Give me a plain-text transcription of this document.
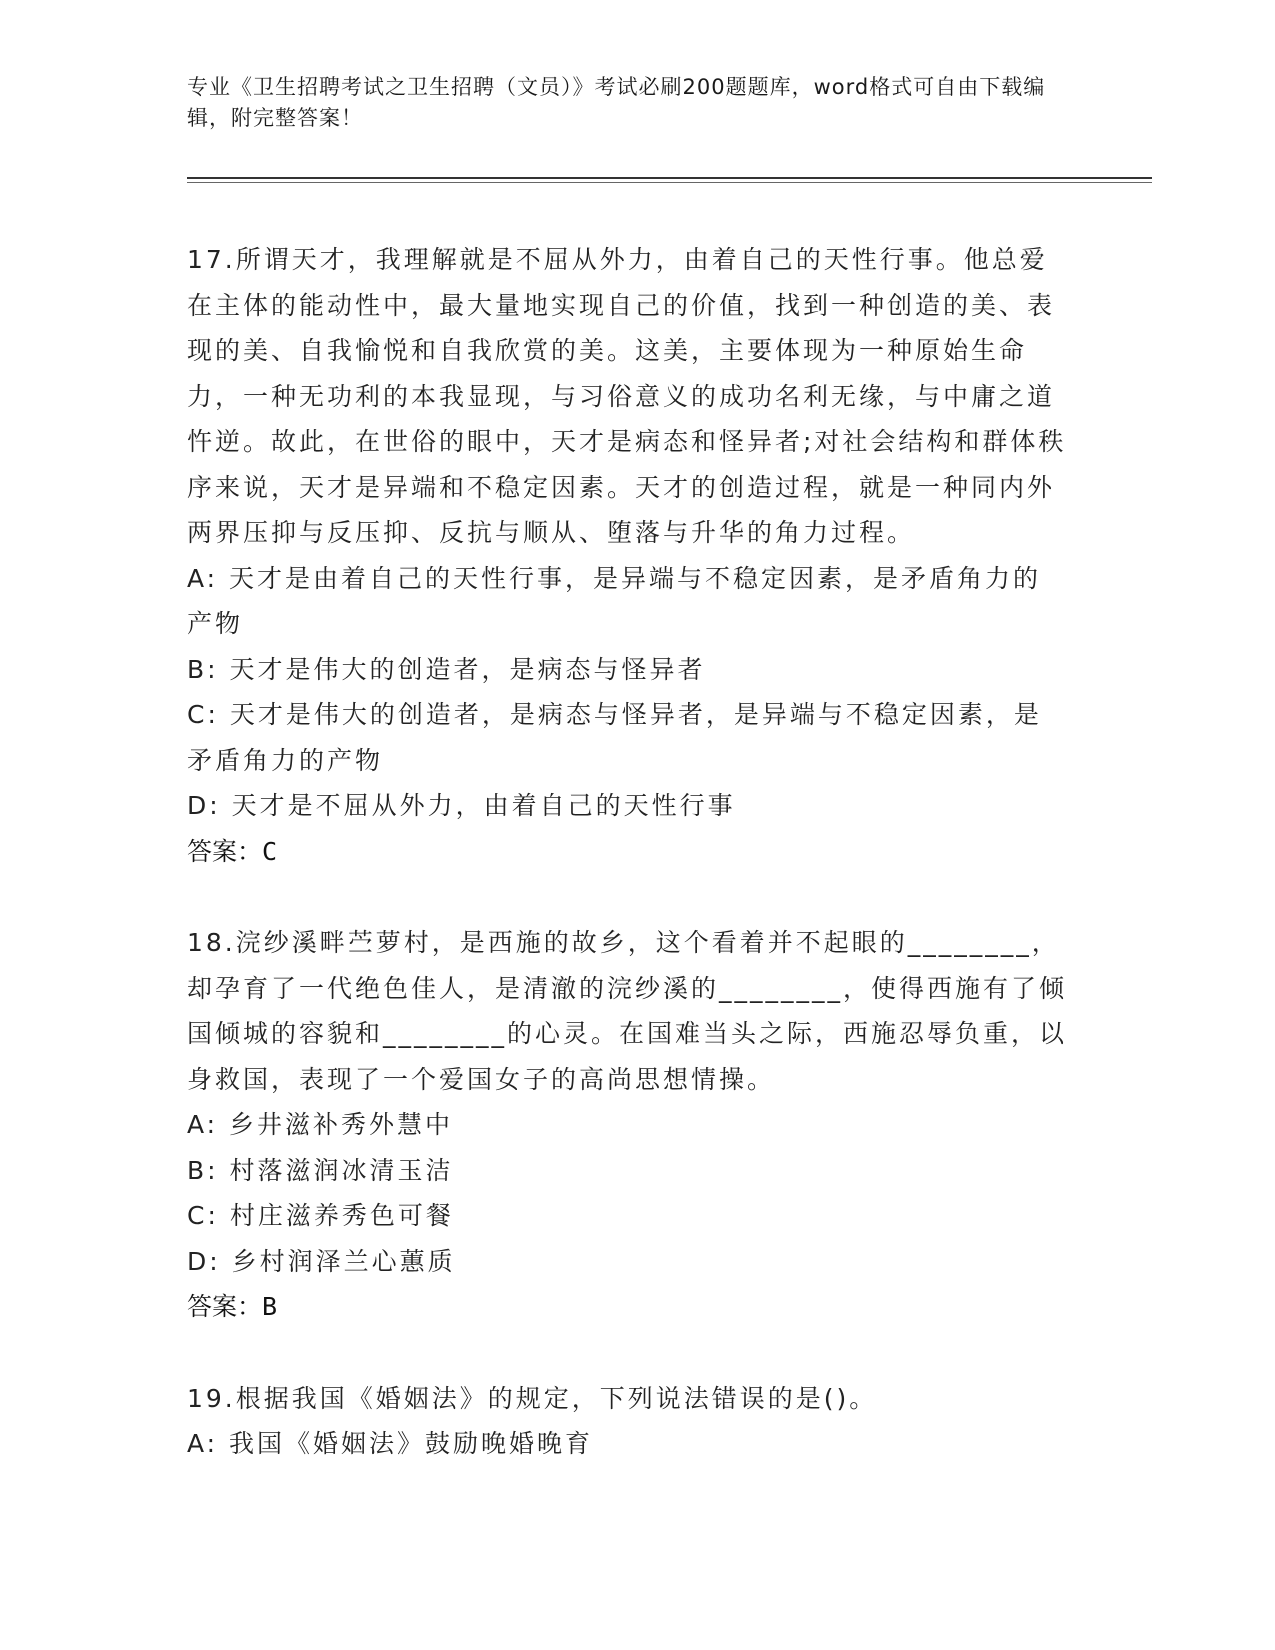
专业《卫生招聘考试之卫生招聘（文员）》考试必刷200题题库，word格式可自由下载编辑，附完整答案！

17.所谓天才，我理解就是不屈从外力，由着自己的天性行事。他总爱在主体的能动性中，最大量地实现自己的价值，找到一种创造的美、表现的美、自我愉悦和自我欣赏的美。这美，主要体现为一种原始生命力，一种无功利的本我显现，与习俗意义的成功名利无缘，与中庸之道忤逆。故此，在世俗的眼中，天才是病态和怪异者;对社会结构和群体秩序来说，天才是异端和不稳定因素。天才的创造过程，就是一种同内外两界压抑与反压抑、反抗与顺从、堕落与升华的角力过程。

A: 天才是由着自己的天性行事，是异端与不稳定因素，是矛盾角力的产物

B: 天才是伟大的创造者，是病态与怪异者

C: 天才是伟大的创造者，是病态与怪异者，是异端与不稳定因素，是矛盾角力的产物

D: 天才是不屈从外力，由着自己的天性行事

答案：C

18.浣纱溪畔苎萝村，是西施的故乡，这个看着并不起眼的________，却孕育了一代绝色佳人，是清澈的浣纱溪的________，使得西施有了倾国倾城的容貌和________的心灵。在国难当头之际，西施忍辱负重，以身救国，表现了一个爱国女子的高尚思想情操。

A: 乡井滋补秀外慧中

B: 村落滋润冰清玉洁

C: 村庄滋养秀色可餐

D: 乡村润泽兰心蕙质

答案：B

19.根据我国《婚姻法》的规定，下列说法错误的是()。

A: 我国《婚姻法》鼓励晚婚晚育
